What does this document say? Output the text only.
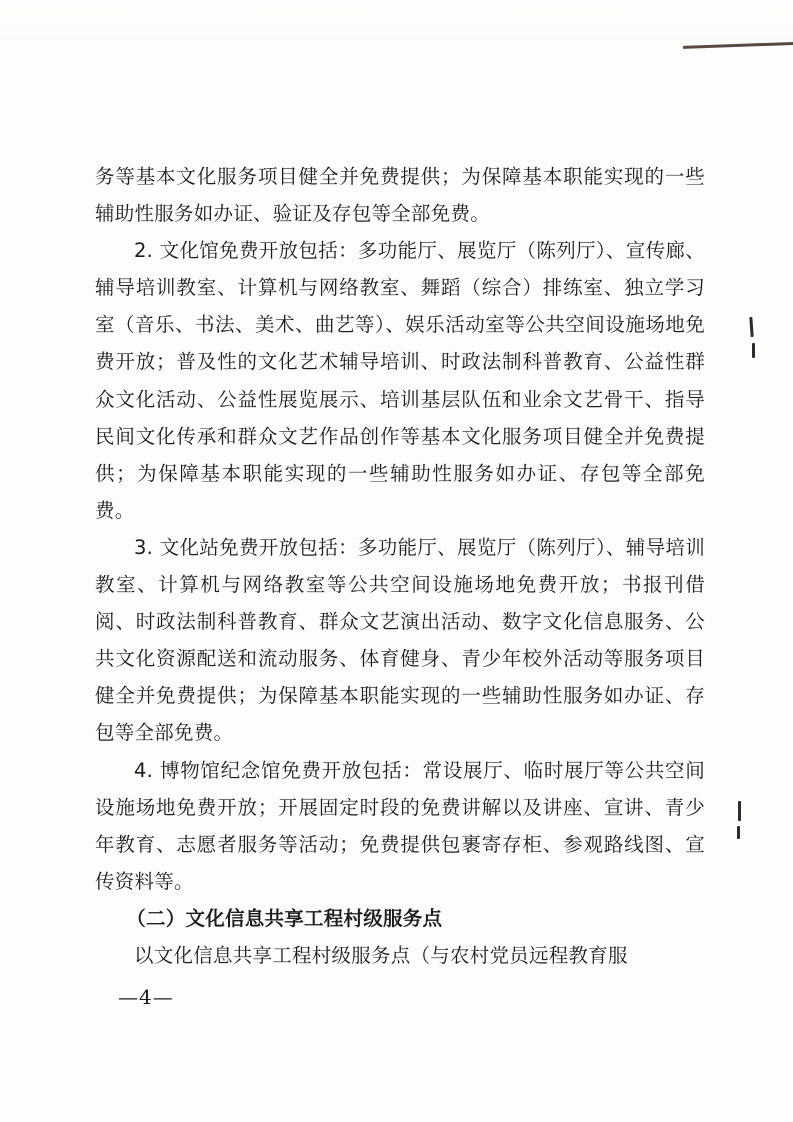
务等基本文化服务项目健全并免费提供；为保障基本职能实现的一些辅助性服务如办证、验证及存包等全部免费。

2. 文化馆免费开放包括：多功能厅、展览厅（陈列厅）、宣传廊、辅导培训教室、计算机与网络教室、舞蹈（综合）排练室、独立学习室（音乐、书法、美术、曲艺等）、娱乐活动室等公共空间设施场地免费开放；普及性的文化艺术辅导培训、时政法制科普教育、公益性群众文化活动、公益性展览展示、培训基层队伍和业余文艺骨干、指导民间文化传承和群众文艺作品创作等基本文化服务项目健全并免费提供；为保障基本职能实现的一些辅助性服务如办证、存包等全部免费。

3. 文化站免费开放包括：多功能厅、展览厅（陈列厅）、辅导培训教室、计算机与网络教室等公共空间设施场地免费开放；书报刊借阅、时政法制科普教育、群众文艺演出活动、数字文化信息服务、公共文化资源配送和流动服务、体育健身、青少年校外活动等服务项目健全并免费提供；为保障基本职能实现的一些辅助性服务如办证、存包等全部免费。

4. 博物馆纪念馆免费开放包括：常设展厅、临时展厅等公共空间设施场地免费开放；开展固定时段的免费讲解以及讲座、宣讲、青少年教育、志愿者服务等活动；免费提供包裹寄存柜、参观路线图、宣传资料等。

（二）文化信息共享工程村级服务点

以文化信息共享工程村级服务点（与农村党员远程教育服

—4—
